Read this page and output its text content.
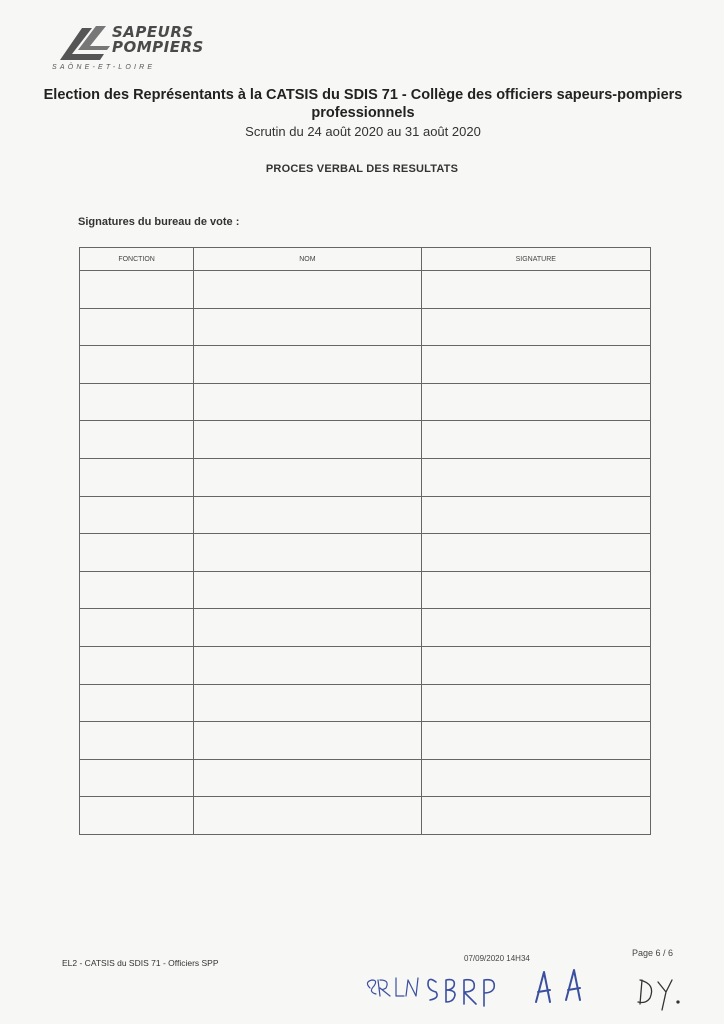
SAPEURS
POMPIERS
SAÔNE-ET-LOIRE
Election des Représentants à la CATSIS du SDIS 71 - Collège des officiers sapeurs-pompiers
professionnels
Scrutin du 24 août 2020 au 31 août 2020
PROCES VERBAL DES RESULTATS
Signatures du bureau de vote :
FONCTION	NOM	SIGNATURE

EL2 - CATSIS du SDIS 71 - Officiers SPP	07/09/2020 14H34
Page 6 / 6
